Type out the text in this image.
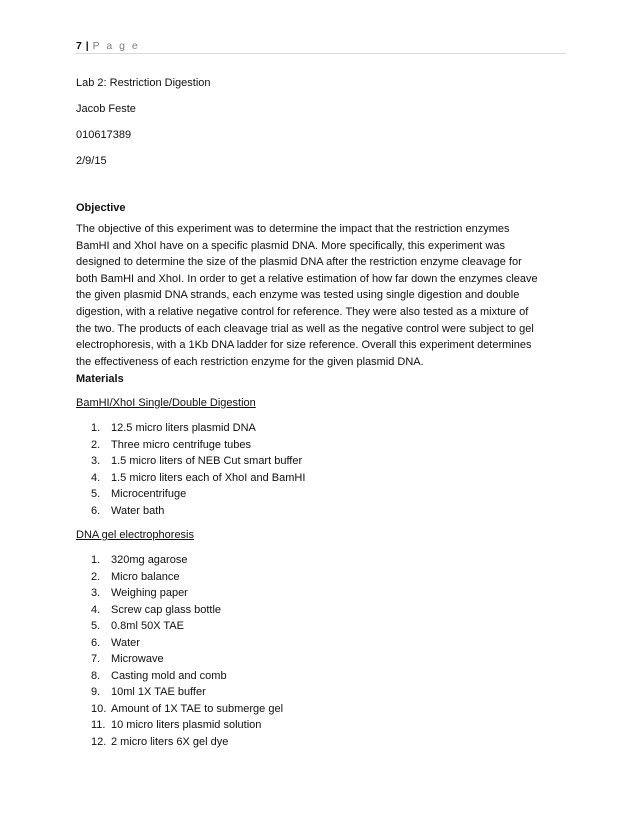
7 | P a g e

Lab 2: Restriction Digestion

Jacob Feste

010617389

2/9/15

Objective

The objective of this experiment was to determine the impact that the restriction enzymes

BamHI and XhoI have on a specific plasmid DNA. More specifically, this experiment was

designed to determine the size of the plasmid DNA after the restriction enzyme cleavage for

both BamHI and XhoI. In order to get a relative estimation of how far down the enzymes cleave

the given plasmid DNA strands, each enzyme was tested using single digestion and double

digestion, with a relative negative control for reference. They were also tested as a mixture of

the two. The products of each cleavage trial as well as the negative control were subject to gel

electrophoresis, with a 1Kb DNA ladder for size reference. Overall this experiment determines

the effectiveness of each restriction enzyme for the given plasmid DNA.

Materials

BamHI/XhoI Single/Double Digestion

1. 12.5 micro liters plasmid DNA
2. Three micro centrifuge tubes
3. 1.5 micro liters of NEB Cut smart buffer
4. 1.5 micro liters each of XhoI and BamHI
5. Microcentrifuge
6. Water bath

DNA gel electrophoresis

1. 320mg agarose
2. Micro balance
3. Weighing paper
4. Screw cap glass bottle
5. 0.8ml 50X TAE
6. Water
7. Microwave
8. Casting mold and comb
9. 10ml 1X TAE buffer
10. Amount of 1X TAE to submerge gel
11. 10 micro liters plasmid solution
12. 2 micro liters 6X gel dye
